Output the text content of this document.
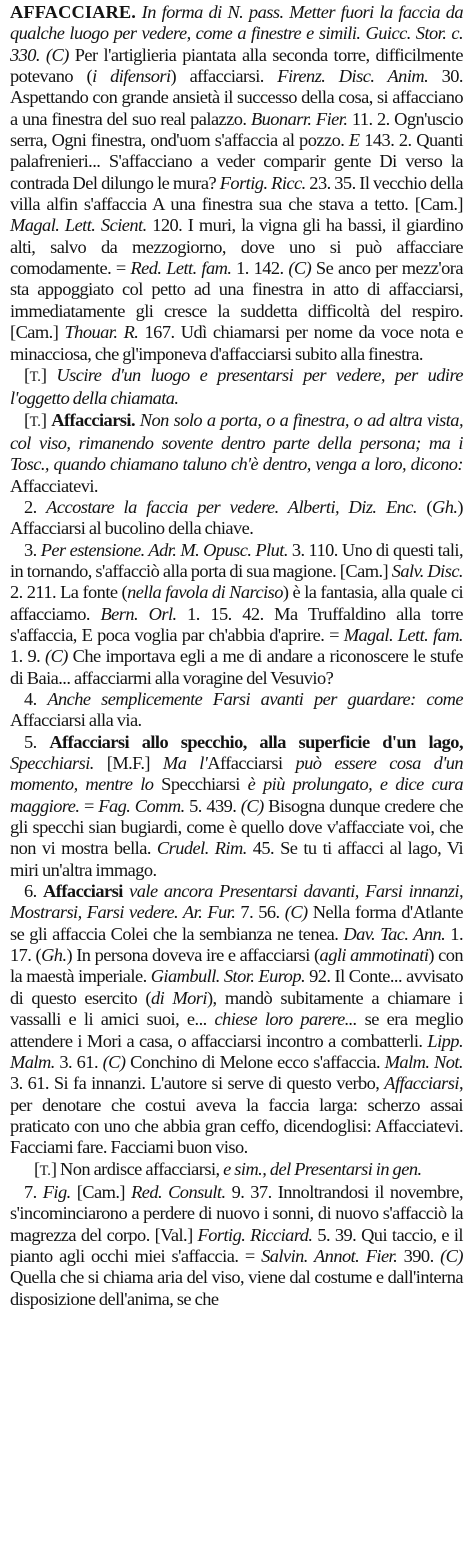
AFFACCIARE. In forma di N. pass. Metter fuori la faccia da qualche luogo per vedere, come a finestre e simili. Guicc. Stor. c. 330. (C) Per l'artiglieria piantata alla seconda torre, difficilmente potevano (i difensori) affacciarsi. Firenz. Disc. Anim. 30. Aspettando con grande ansietà il successo della cosa, si affacciano a una finestra del suo real palazzo. Buonarr. Fier. 11. 2. Ogn'uscio serra, Ogni finestra, ond'uom s'affaccia al pozzo. E 143. 2. Quanti palafrenieri... S'affacciano a veder comparir gente Di verso la contrada Del dilungo le mura? Fortig. Ricc. 23. 35. Il vecchio della villa alfin s'affaccia A una finestra sua che stava a tetto. [Cam.] Magal. Lett. Scient. 120. I muri, la vigna gli ha bassi, il giardino alti, salvo da mezzogiorno, dove uno si può affacciare comodamente. = Red. Lett. fam. 1. 142. (C) Se anco per mezz'ora sta appoggiato col petto ad una finestra in atto di affacciarsi, immediatamente gli cresce la suddetta difficoltà del respiro. [Cam.] Thouar. R. 167. Udì chiamarsi per nome da voce nota e minacciosa, che gl'imponeva d'affacciarsi subito alla finestra.

[T.] Uscire d'un luogo e presentarsi per vedere, per udire l'oggetto della chiamata.

[T.] Affacciarsi. Non solo a porta, o a finestra, o ad altra vista, col viso, rimanendo sovente dentro parte della persona; ma i Tosc., quando chiamano taluno ch'è dentro, venga a loro, dicono: Affacciatevi.

2. Accostare la faccia per vedere. Alberti, Diz. Enc. (Gh.) Affacciarsi al bucolino della chiave.

3. Per estensione. Adr. M. Opusc. Plut. 3. 110. Uno di questi tali, in tornando, s'affacciò alla porta di sua magione. [Cam.] Salv. Disc. 2. 211. La fonte (nella favola di Narciso) è la fantasia, alla quale ci affacciamo. Bern. Orl. 1. 15. 42. Ma Truffaldino alla torre s'affaccia, E poca voglia par ch'abbia d'aprire. = Magal. Lett. fam. 1. 9. (C) Che importava egli a me di andare a riconoscere le stufe di Baia... affacciarmi alla voragine del Vesuvio?

4. Anche semplicemente Farsi avanti per guardare: come Affacciarsi alla via.

5. Affacciarsi allo specchio, alla superficie d'un lago, Specchiarsi. [M.F.] Ma l'Affacciarsi può essere cosa d'un momento, mentre lo Specchiarsi è più prolungato, e dice cura maggiore. = Fag. Comm. 5. 439. (C) Bisogna dunque credere che gli specchi sian bugiardi, come è quello dove v'affacciate voi, che non vi mostra bella. Crudel. Rim. 45. Se tu ti affacci al lago, Vi miri un'altra immago.

6. Affacciarsi vale ancora Presentarsi davanti, Farsi innanzi, Mostrarsi, Farsi vedere. Ar. Fur. 7. 56. (C) Nella forma d'Atlante se gli affaccia Colei che la sembianza ne tenea. Dav. Tac. Ann. 1. 17. (Gh.) In persona doveva ire e affacciarsi (agli ammotinati) con la maestà imperiale. Giambull. Stor. Europ. 92. Il Conte... avvisato di questo esercito (di Mori), mandò subitamente a chiamare i vassalli e li amici suoi, e... chiese loro parere... se era meglio attendere i Mori a casa, o affacciarsi incontro a combatterli. Lipp. Malm. 3. 61. (C) Conchino di Melone ecco s'affaccia. Malm. Not. 3. 61. Si fa innanzi. L'autore si serve di questo verbo, Affacciarsi, per denotare che costui aveva la faccia larga: scherzo assai praticato con uno che abbia gran ceffo, dicendoglisi: Affacciatevi. Facciami fare. Facciami buon viso.

[T.] Non ardisce affacciarsi, e sim., del Presentarsi in gen.

7. Fig. [Cam.] Red. Consult. 9. 37. Innoltrandosi il novembre, s'incominciarono a perdere di nuovo i sonni, di nuovo s'affacciò la magrezza del corpo. [Val.] Fortig. Ricciard. 5. 39. Qui taccio, e il pianto agli occhi miei s'affaccia. = Salvin. Annot. Fier. 390. (C) Quella che si chiama aria del viso, viene dal costume e dall'interna disposizione dell'anima, se che
